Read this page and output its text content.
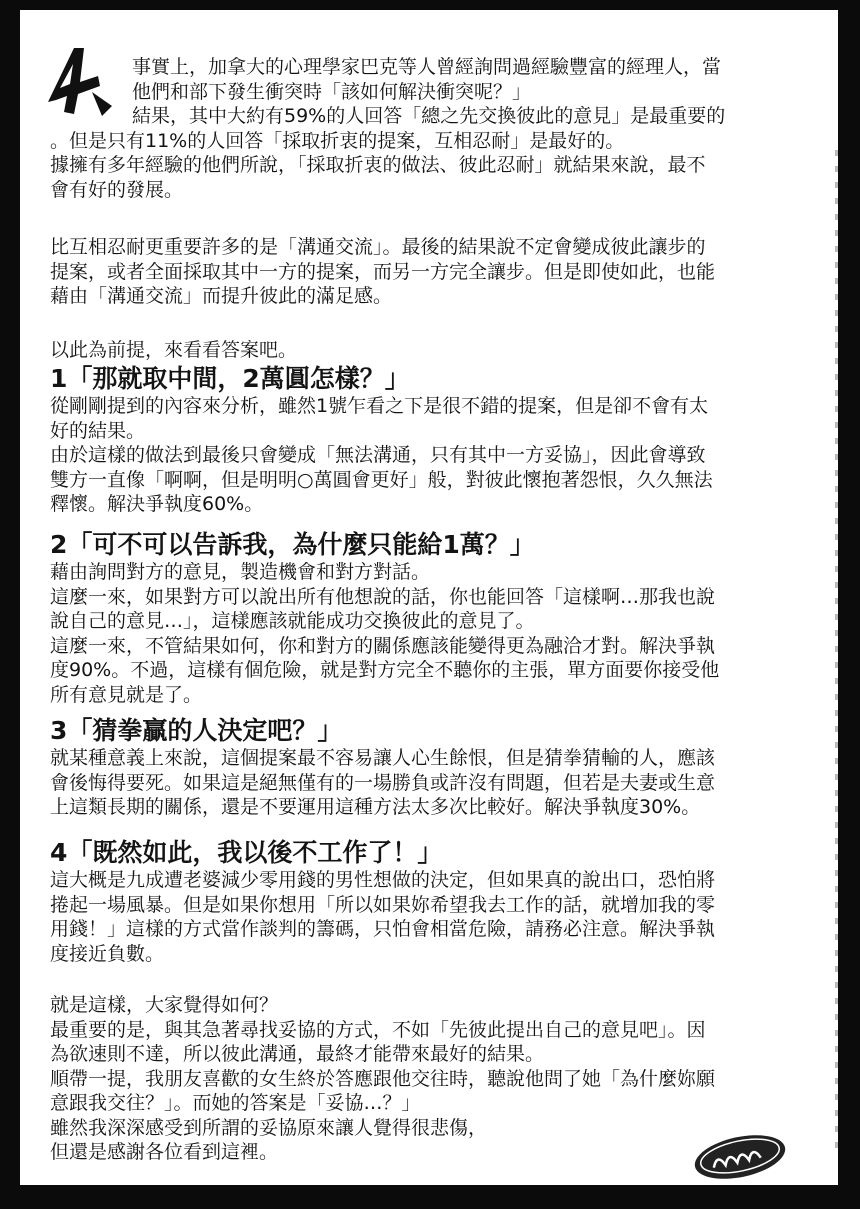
事實上，加拿大的心理學家巴克等人曾經詢問過經驗豐富的經理人，當

他們和部下發生衝突時「該如何解決衝突呢？」

結果，其中大約有59%的人回答「總之先交換彼此的意見」是最重要的

。但是只有11%的人回答「採取折衷的提案，互相忍耐」是最好的。

據擁有多年經驗的他們所說，「採取折衷的做法、彼此忍耐」就結果來說，最不

會有好的發展。

比互相忍耐更重要許多的是「溝通交流」。最後的結果說不定會變成彼此讓步的

提案，或者全面採取其中一方的提案，而另一方完全讓步。但是即使如此，也能

藉由「溝通交流」而提升彼此的滿足感。

以此為前提，來看看答案吧。

1「那就取中間，2萬圓怎樣？」

從剛剛提到的內容來分析，雖然1號乍看之下是很不錯的提案，但是卻不會有太

好的結果。

由於這樣的做法到最後只會變成「無法溝通，只有其中一方妥協」，因此會導致

雙方一直像「啊啊，但是明明○萬圓會更好」般，對彼此懷抱著怨恨，久久無法

釋懷。解決爭執度60%。

2「可不可以告訴我，為什麼只能給1萬？」

藉由詢問對方的意見，製造機會和對方對話。

這麼一來，如果對方可以說出所有他想說的話，你也能回答「這樣啊…那我也說

說自己的意見…」，這樣應該就能成功交換彼此的意見了。

這麼一來，不管結果如何，你和對方的關係應該能變得更為融洽才對。解決爭執

度90%。不過，這樣有個危險，就是對方完全不聽你的主張，單方面要你接受他

所有意見就是了。

3「猜拳贏的人決定吧？」

就某種意義上來說，這個提案最不容易讓人心生餘恨，但是猜拳猜輸的人，應該

會後悔得要死。如果這是絕無僅有的一場勝負或許沒有問題，但若是夫妻或生意

上這類長期的關係，還是不要運用這種方法太多次比較好。解決爭執度30%。

4「既然如此，我以後不工作了！」

這大概是九成遭老婆減少零用錢的男性想做的決定，但如果真的說出口，恐怕將

捲起一場風暴。但是如果你想用「所以如果妳希望我去工作的話，就增加我的零

用錢！」這樣的方式當作談判的籌碼，只怕會相當危險，請務必注意。解決爭執

度接近負數。

就是這樣，大家覺得如何？

最重要的是，與其急著尋找妥協的方式，不如「先彼此提出自己的意見吧」。因

為欲速則不達，所以彼此溝通，最終才能帶來最好的結果。

順帶一提，我朋友喜歡的女生終於答應跟他交往時，聽說他問了她「為什麼妳願

意跟我交往？」。而她的答案是「妥協…？」

雖然我深深感受到所謂的妥協原來讓人覺得很悲傷，

但還是感謝各位看到這裡。
